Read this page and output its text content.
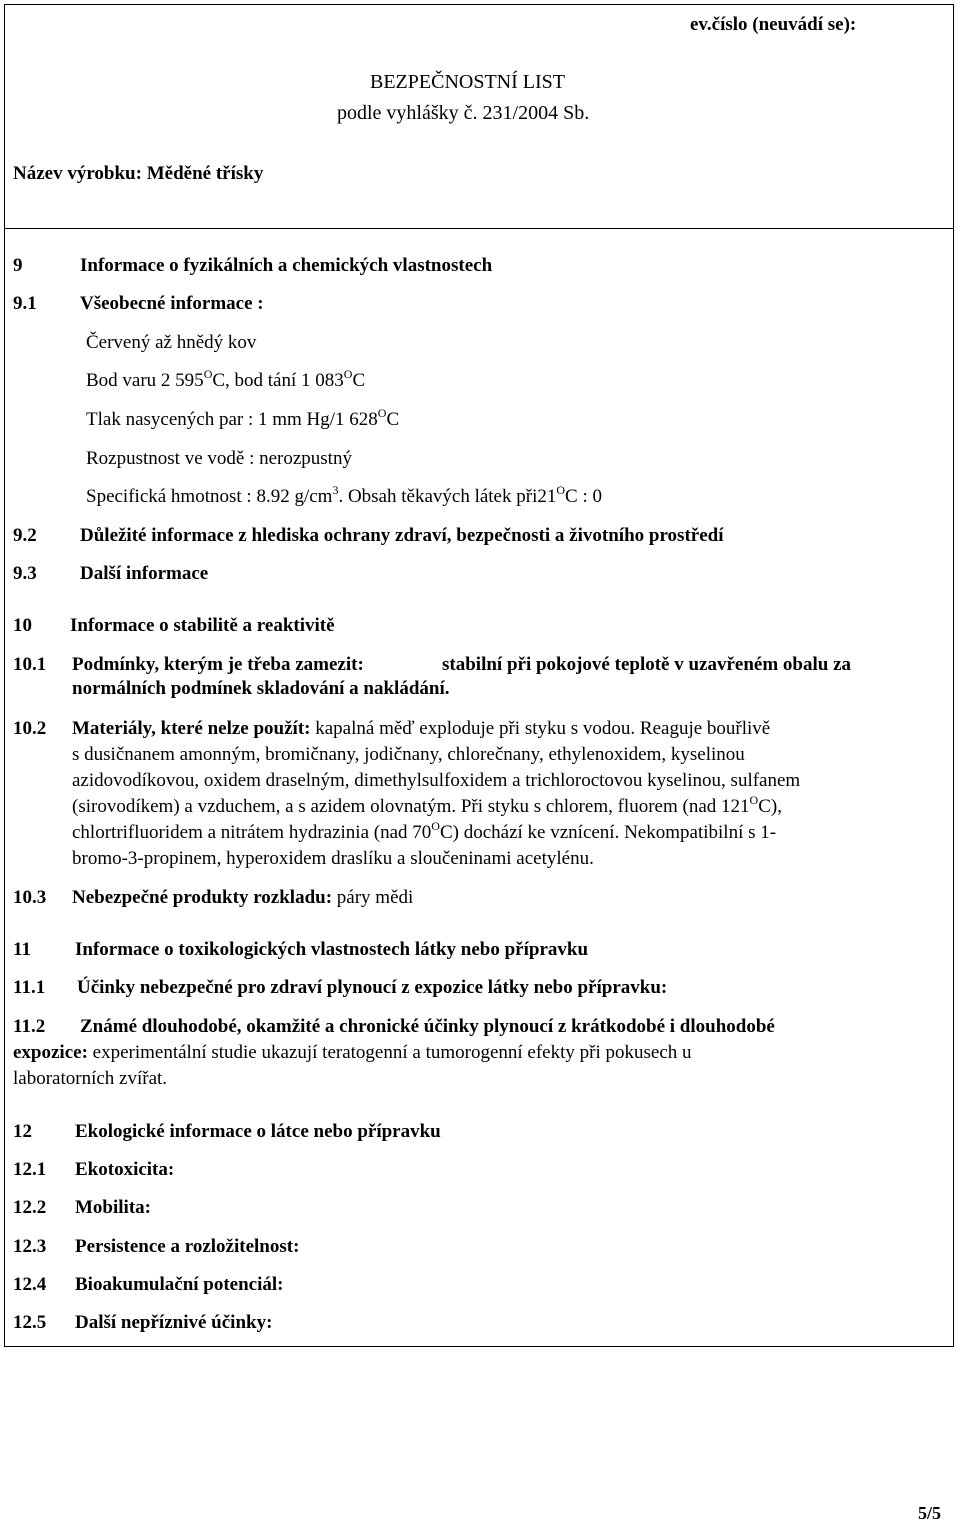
ev.číslo (neuvádí se):
BEZPEČNOSTNÍ LIST
podle vyhlášky č. 231/2004 Sb.
Název výrobku: Měděné třísky
9	Informace o fyzikálních a chemických vlastnostech
9.1 Všeobecné informace :
Červený až hnědý kov
Bod varu 2 $595^OC$, bod tání 1 $083^OC$
Tlak nasycených par : 1 mm Hg/1 $628^OC$
Rozpustnost ve vodě : nerozpustný
Specifická hmotnost : 8.92 $g/cm^3$. Obsah těkavých látek $při21^OC$ : 0
9.2 Důležité informace z hlediska ochrany zdraví, bezpečnosti a životního prostředí
9.3 Další informace
10 Informace o stabilitě a reaktivitě
10.1 Podmínky, kterým je třeba zamezit:	stabilní při pokojové teplotě v uzavřeném obalu za
normálních podmínek skladování a nakládání.
10.2 Materiály, které nelze použít: kapalná měď exploduje při styku s vodou. Reaguje bouřlivě
s dusičnanem amonným, bromičnany, jodičnany, chlorečnany, ethylenoxidem, kyselinou
azidovodíkovou, oxidem draselným, dimethylsulfoxidem a trichloroctovou kyselinou, sulfanem
(sirovodíkem) a vzduchem, a s azidem olovnatým. Při styku s chlorem, fluorem (nad $121^OC$),
chlortrifluoridem a nitrátem hydrazinia (nad $70^OC$) dochází ke vznícení. Nekompatibilní s 1-
bromo-3-propinem, hyperoxidem draslíku a sloučeninami acetylénu.
10.3 Nebezpečné produkty rozkladu: páry mědi
11 Informace o toxikologických vlastnostech látky nebo přípravku
11.1 Účinky nebezpečné pro zdraví plynoucí z expozice látky nebo přípravku:
11.2 Známé dlouhodobé, okamžité a chronické účinky plynoucí z krátkodobé i dlouhodobé
expozice: experimentální studie ukazují teratogenní a tumorogenní efekty při pokusech u
laboratorních zvířat.
12 Ekologické informace o látce nebo přípravku
12.1 Ekotoxicita:
12.2 Mobilita:
12.3 Persistence a rozložitelnost:
12.4 Bioakumulační potenciál:
12.5 Další nepříznivé účinky:
5/5
